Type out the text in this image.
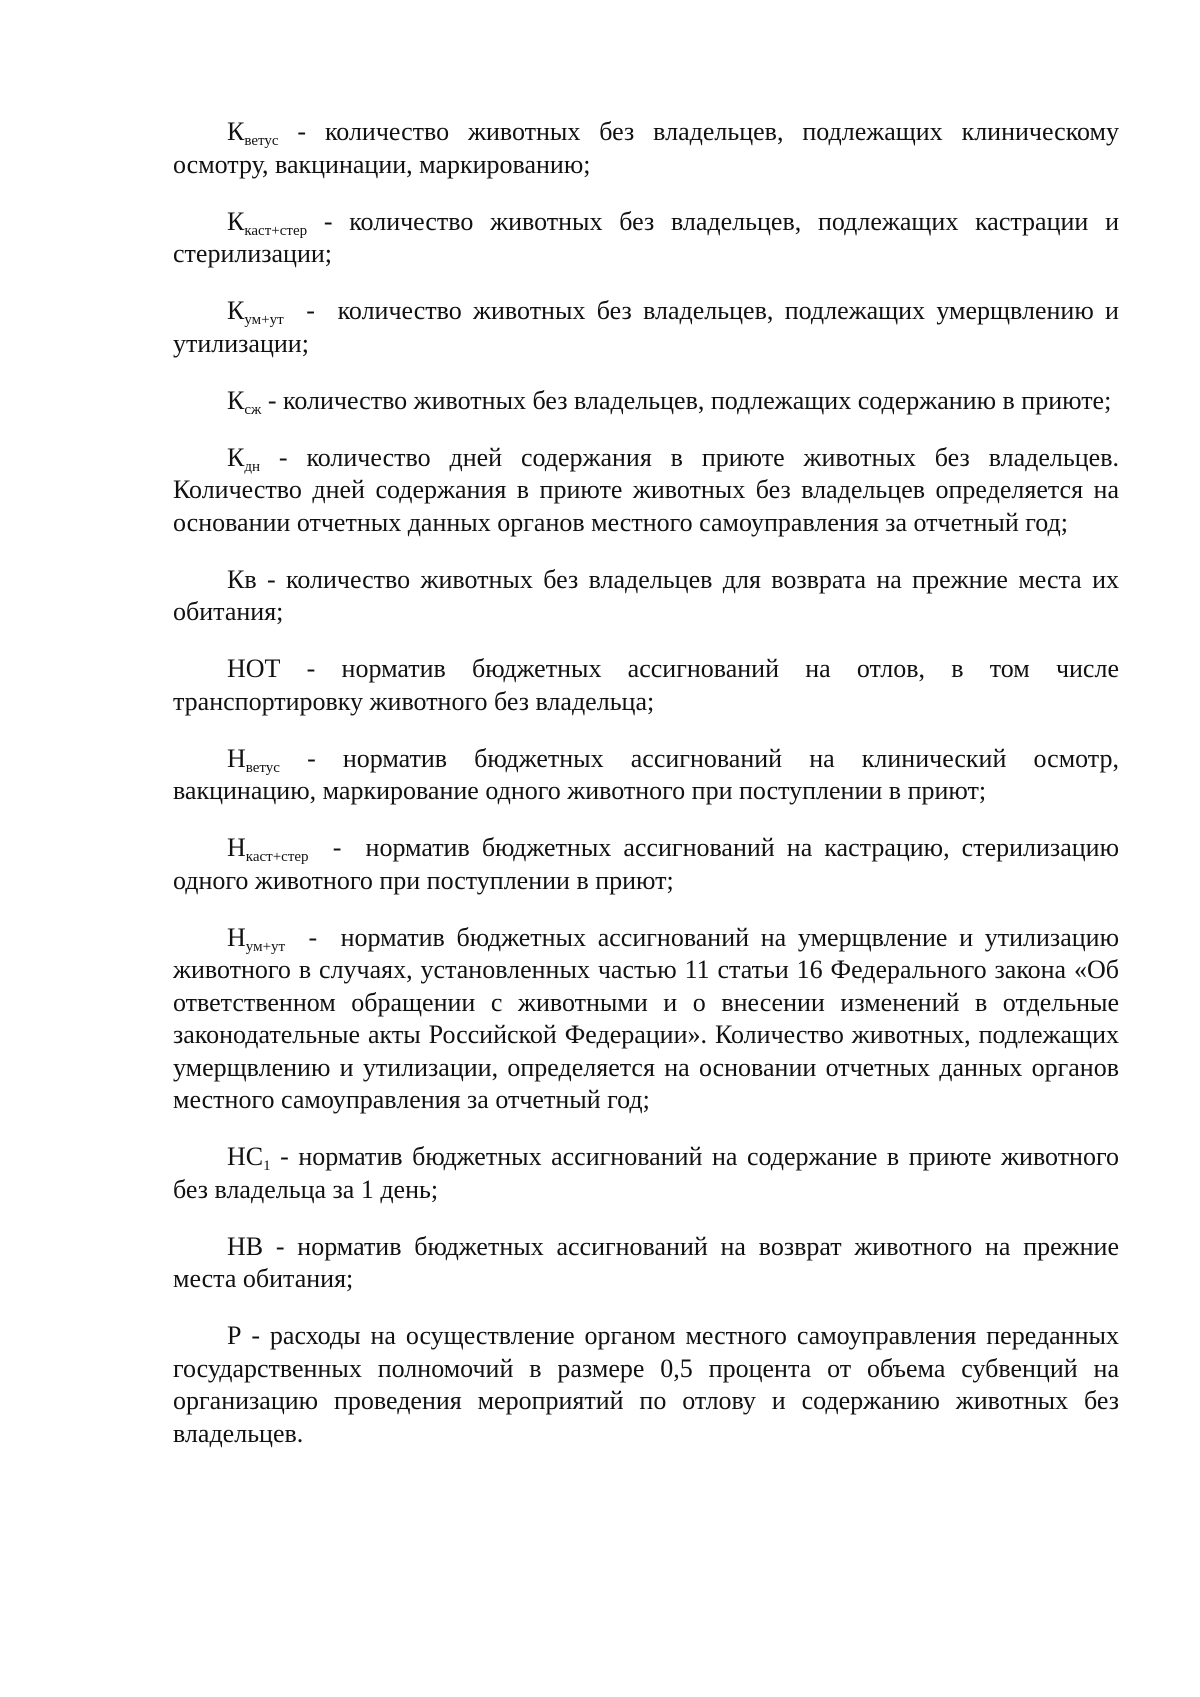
$К_{ветус}$ - количество животных без владельцев, подлежащих клиническому осмотру, вакцинации, маркированию;

$К_{каст+стер}$ - количество животных без владельцев, подлежащих кастрации и стерилизации;

$К_{ум+ут}$  -  количество животных без владельцев, подлежащих умерщвлению и утилизации;

$К_{сж}$ - количество животных без владельцев, подлежащих содержанию в приюте;

$К_{дн}$ - количество дней содержания в приюте животных без владельцев. Количество дней содержания в приюте животных без владельцев определяется на основании отчетных данных органов местного самоуправления за отчетный год;

Кв - количество животных без владельцев для возврата на прежние места их обитания;

НОТ - норматив бюджетных ассигнований на отлов, в том числе транспортировку животного без владельца;

$Н_{ветус}$ - норматив бюджетных ассигнований на клинический осмотр, вакцинацию, маркирование одного животного при поступлении в приют;

$Н_{каст+стер}$  -  норматив бюджетных ассигнований на кастрацию, стерилизацию одного животного при поступлении в приют;

$Н_{ум+ут}$  -  норматив бюджетных ассигнований на умерщвление и утилизацию животного в случаях, установленных частью 11 статьи 16 Федерального закона «Об ответственном обращении с животными и о внесении изменений в отдельные законодательные акты Российской Федерации». Количество животных, подлежащих умерщвлению и утилизации, определяется на основании отчетных данных органов местного самоуправления за отчетный год;

$НС_1$ - норматив бюджетных ассигнований на содержание в приюте животного без владельца за 1 день;

НВ - норматив бюджетных ассигнований на возврат животного на прежние места обитания;

Р - расходы на осуществление органом местного самоуправления переданных государственных полномочий в размере 0,5 процента от объема субвенций на организацию проведения мероприятий по отлову и содержанию животных без владельцев.
